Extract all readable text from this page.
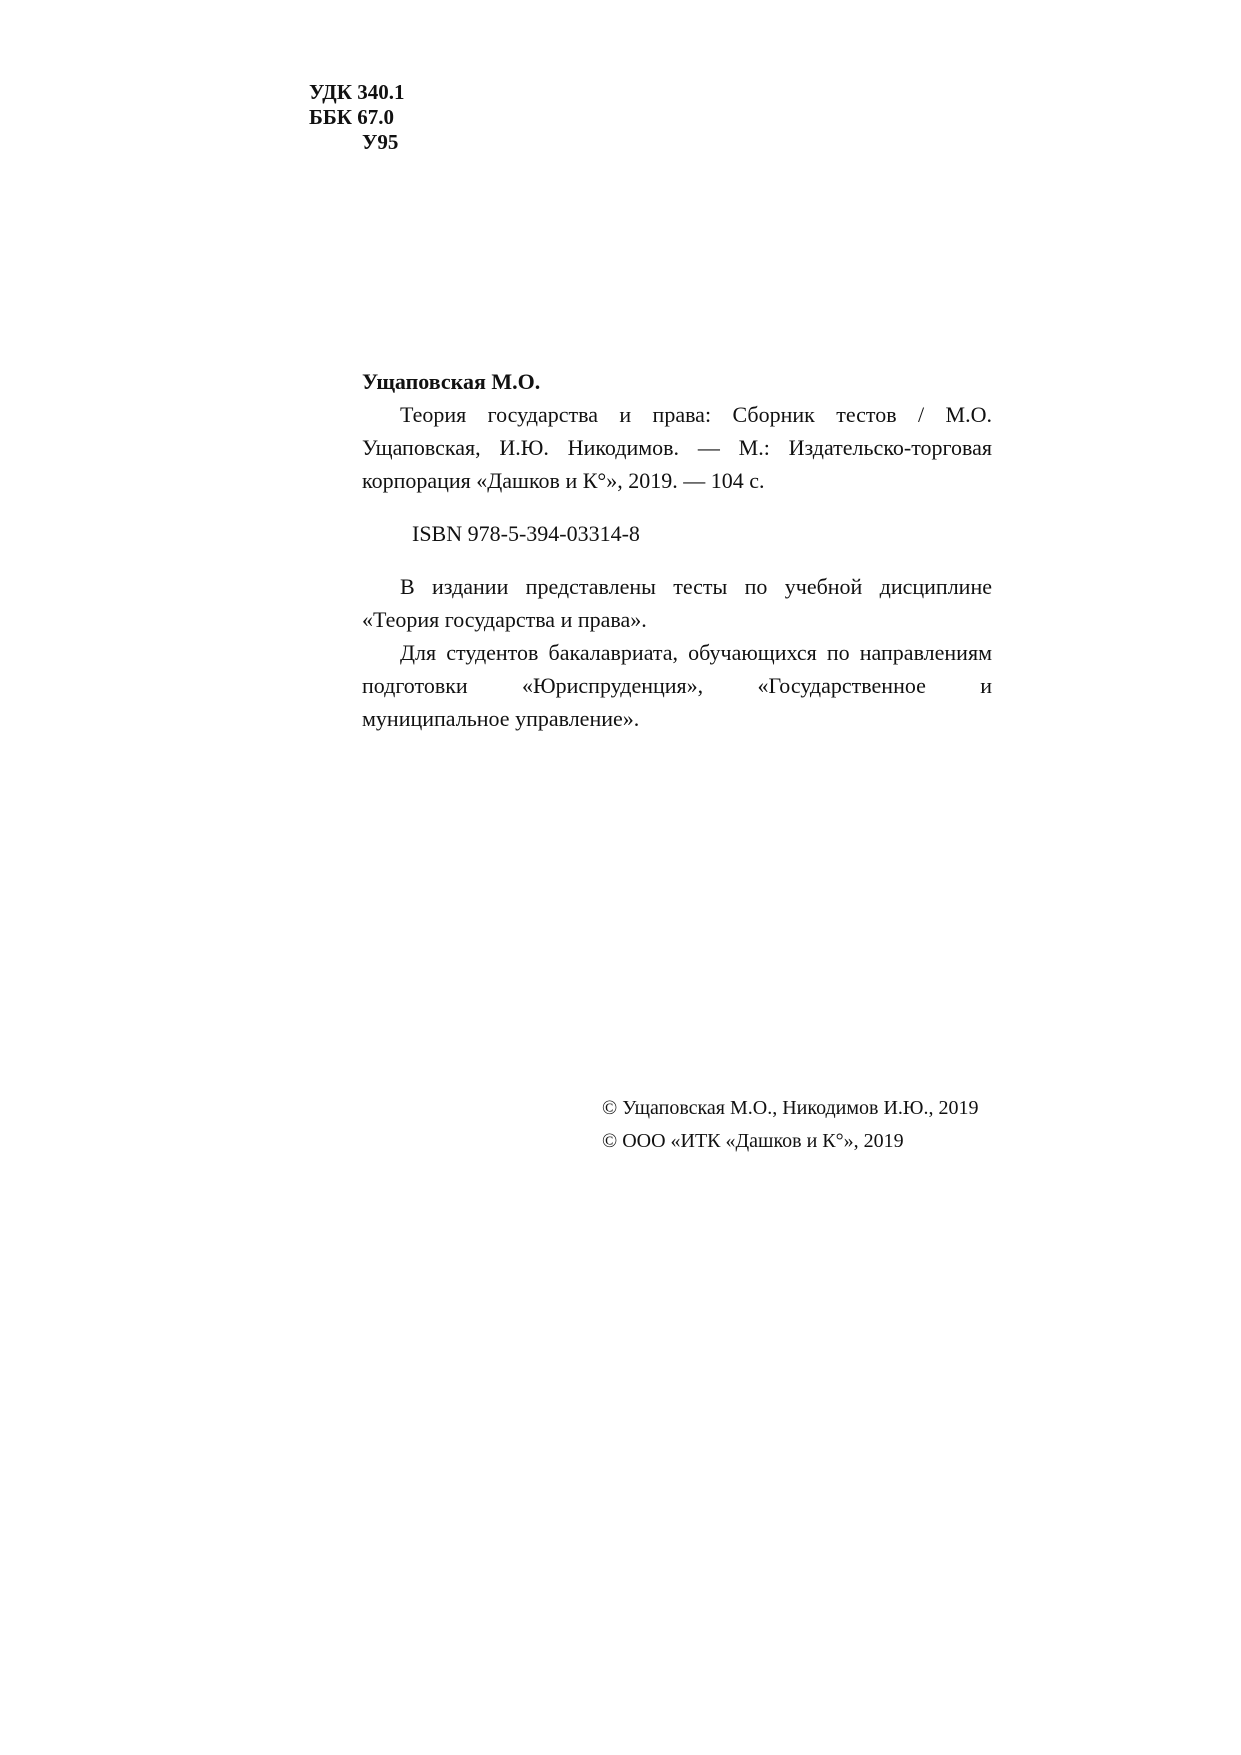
УДК 340.1
ББК 67.0
У95
Ущаповская М.О.

Теория государства и права: Сборник тестов / М.О. Ущаповская, И.Ю. Никодимов. — М.: Издательско-торговая корпорация «Дашков и К°», 2019. — 104 с.

ISBN 978-5-394-03314-8

В издании представлены тесты по учебной дисциплине «Теория государства и права».

Для студентов бакалавриата, обучающихся по направлениям подготовки «Юриспруденция», «Государственное и муниципальное управление».

© Ущаповская М.О., Никодимов И.Ю., 2019
© ООО «ИТК «Дашков и К°», 2019
